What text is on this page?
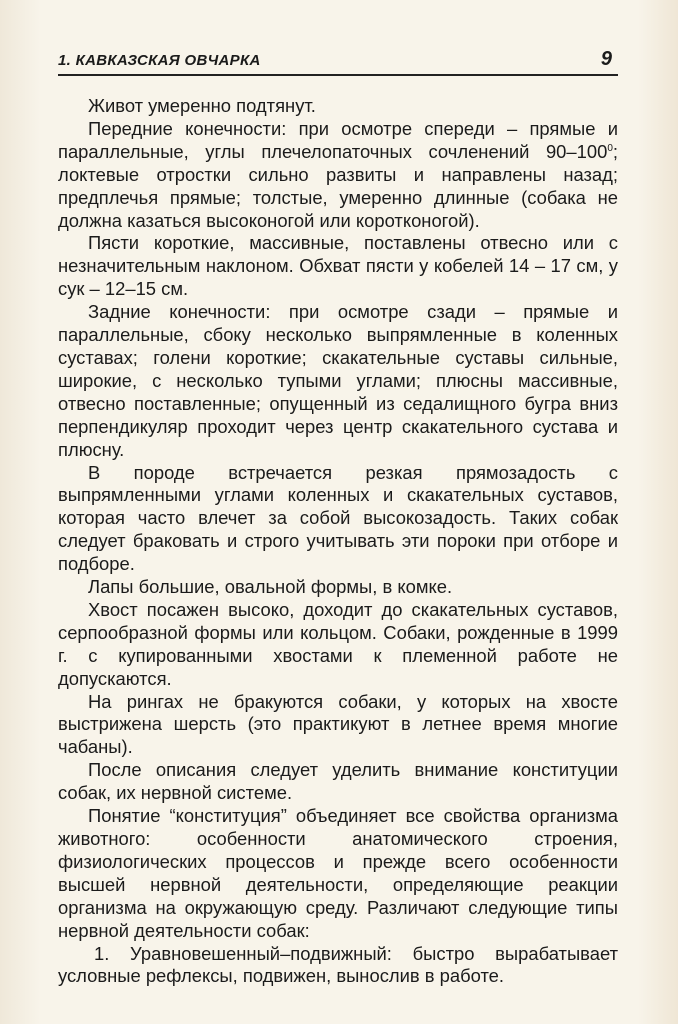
1. КАВКАЗСКАЯ ОВЧАРКА	9

Живот умеренно подтянут.

Передние конечности: при осмотре спереди – прямые и параллельные, углы плечелопаточных сочленений $90-100^0$; локтевые отростки сильно развиты и направлены назад; предплечья прямые; толстые, умеренно длинные (собака не должна казаться высоконогой или коротконогой).

Пясти короткие, массивные, поставлены отвесно или с незначительным наклоном. Обхват пясти у кобелей 14 – 17 см, у сук – 12–15 см.

Задние конечности: при осмотре сзади – прямые и параллельные, сбоку несколько выпрямленные в коленных суставах; голени короткие; скакательные суставы сильные, широкие, с несколько тупыми углами; плюсны массивные, отвесно поставленные; опущенный из седалищного бугра вниз перпендикуляр проходит через центр скакательного сустава и плюсну.

В породе встречается резкая прямозадость с выпрямленными углами коленных и скакательных суставов, которая часто влечет за собой высокозадость. Таких собак следует браковать и строго учитывать эти пороки при отборе и подборе.

Лапы большие, овальной формы, в комке.

Хвост посажен высоко, доходит до скакательных суставов, серпообразной формы или кольцом. Собаки, рожденные в 1999 г. с купированными хвостами к племенной работе не допускаются.

На рингах не бракуются собаки, у которых на хвосте выстрижена шерсть (это практикуют в летнее время многие чабаны).

После описания следует уделить внимание конституции собак, их нервной системе.

Понятие “конституция” объединяет все свойства организма животного: особенности анатомического строения, физиологических процессов и прежде всего особенности высшей нервной деятельности, определяющие реакции организма на окружающую среду. Различают следующие типы нервной деятельности собак:

1. Уравновешенный–подвижный: быстро вырабатывает условные рефлексы, подвижен, вынослив в работе.
